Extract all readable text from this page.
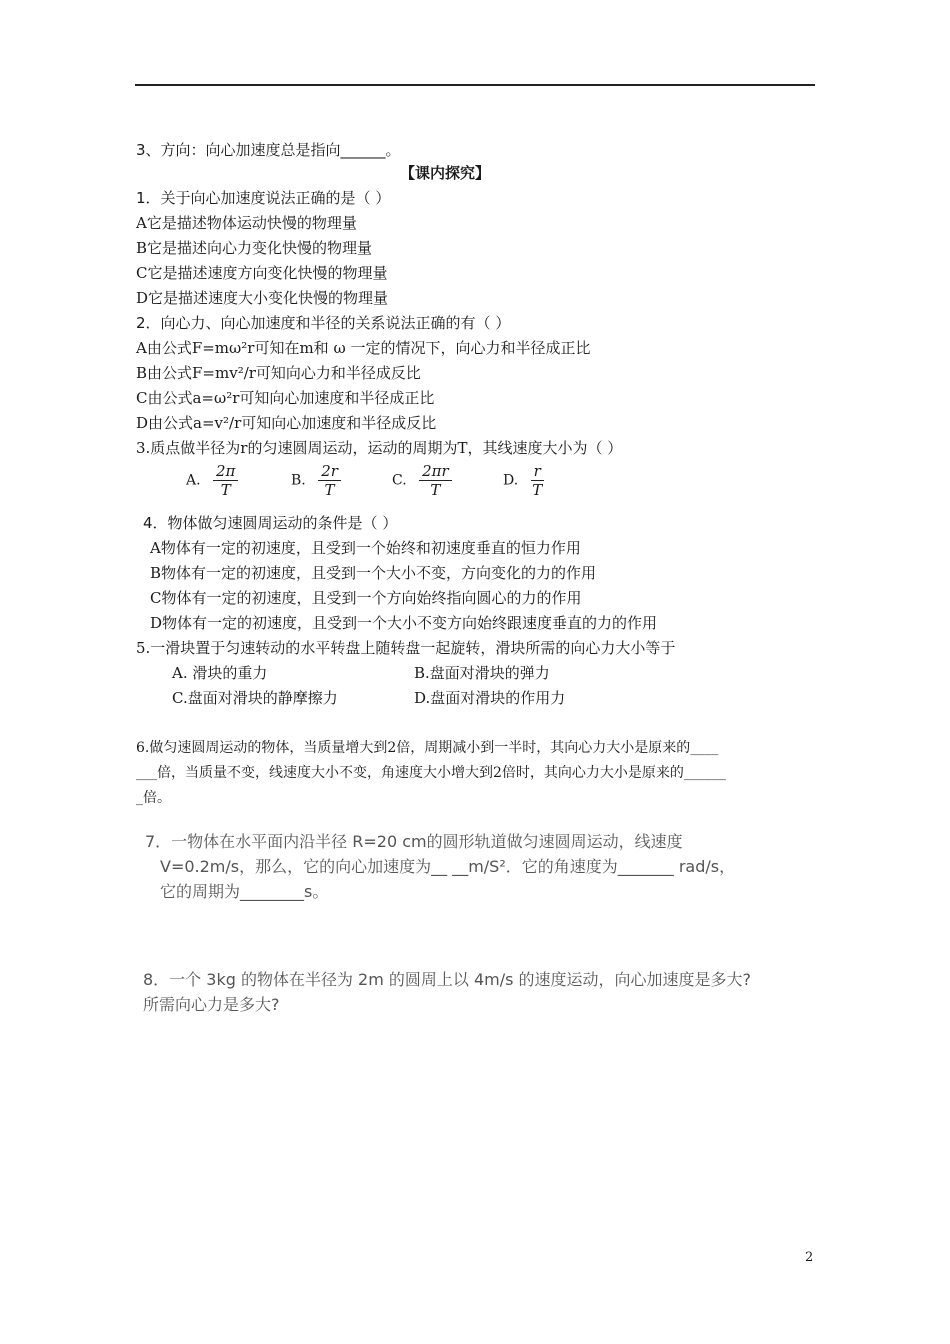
3、方向：向心加速度总是指向______。
【课内探究】
1．关于向心加速度说法正确的是（ ）
A它是描述物体运动快慢的物理量
B它是描述向心力变化快慢的物理量
C它是描述速度方向变化快慢的物理量
D它是描述速度大小变化快慢的物理量
2．向心力、向心加速度和半径的关系说法正确的有（ ）
A由公式F=mω²r可知在m和 ω 一定的情况下，向心力和半径成正比
B由公式F=mv²/r可知向心力和半径成反比
C由公式a=ω²r可知向心加速度和半径成正比
D由公式a=v²/r可知向心加速度和半径成反比
3.质点做半径为r的匀速圆周运动，运动的周期为T，其线速度大小为（ ）
A. $\frac{2\pi}{T}$	B. $\frac{2r}{T}$	C. $\frac{2\pi r}{T}$	D. $\frac{r}{T}$
4．物体做匀速圆周运动的条件是（ ）
A物体有一定的初速度，且受到一个始终和初速度垂直的恒力作用
B物体有一定的初速度，且受到一个大小不变，方向变化的力的作用
C物体有一定的初速度，且受到一个方向始终指向圆心的力的作用
D物体有一定的初速度，且受到一个大小不变方向始终跟速度垂直的力的作用
5.一滑块置于匀速转动的水平转盘上随转盘一起旋转，滑块所需的向心力大小等于
A. 滑块的重力	B.盘面对滑块的弹力
C.盘面对滑块的静摩擦力	D.盘面对滑块的作用力
6.做匀速圆周运动的物体，当质量增大到2倍，周期减小到一半时，其向心力大小是原来的____
___倍，当质量不变，线速度大小不变，角速度大小增大到2倍时，其向心力大小是原来的______
_倍。
7．一物体在水平面内沿半径 R=20 cm的圆形轨道做匀速圆周运动，线速度
V=0.2m/s，那么，它的向心加速度为__ __m/S²．它的角速度为_______ rad/s，
它的周期为________s。
8．一个 3kg 的物体在半径为 2m 的圆周上以 4m/s 的速度运动，向心加速度是多大?
所需向心力是多大?
2
